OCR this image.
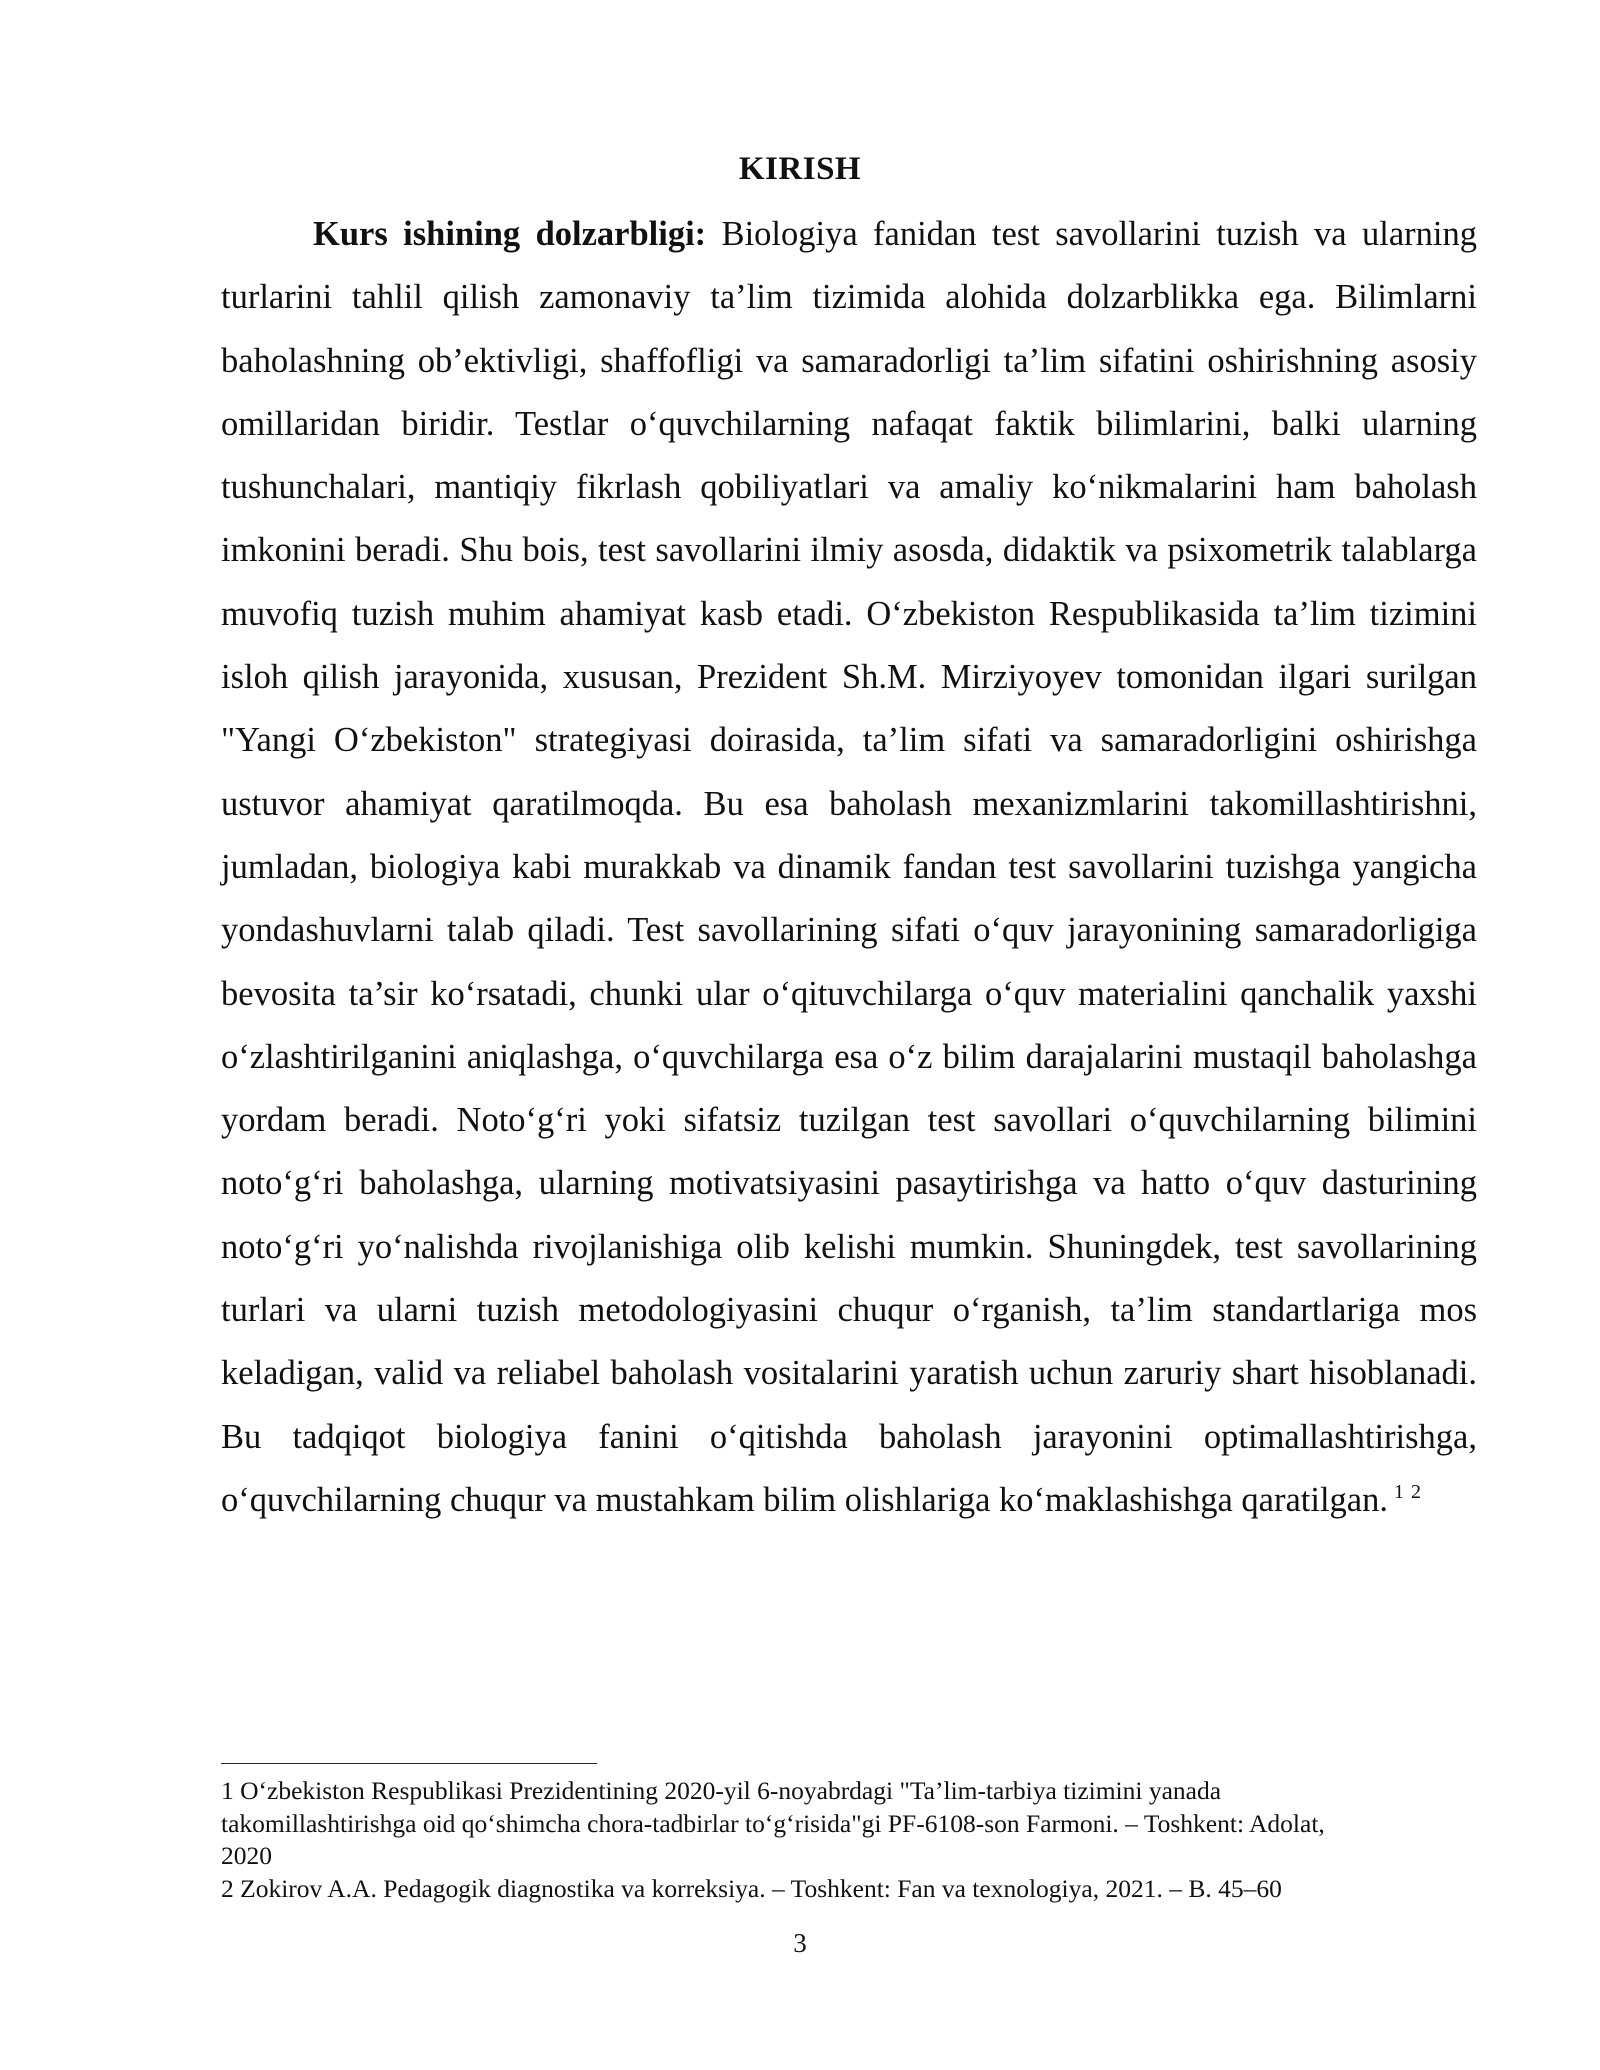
KIRISH

Kurs ishining dolzarbligi: Biologiya fanidan test savollarini tuzish va ularning turlarini tahlil qilish zamonaviy ta’lim tizimida alohida dolzarblikka ega. Bilimlarni baholashning ob’ektivligi, shaffofligi va samaradorligi ta’lim sifatini oshirishning asosiy omillaridan biridir. Testlar o‘quvchilarning nafaqat faktik bilimlarini, balki ularning tushunchalari, mantiqiy fikrlash qobiliyatlari va amaliy ko‘nikmalarini ham baholash imkonini beradi. Shu bois, test savollarini ilmiy asosda, didaktik va psixometrik talablarga muvofiq tuzish muhim ahamiyat kasb etadi. O‘zbekiston Respublikasida ta’lim tizimini isloh qilish jarayonida, xususan, Prezident Sh.M. Mirziyoyev tomonidan ilgari surilgan "Yangi O‘zbekiston" strategiyasi doirasida, ta’lim sifati va samaradorligini oshirishga ustuvor ahamiyat qaratilmoqda. Bu esa baholash mexanizmlarini takomillashtirishni, jumladan, biologiya kabi murakkab va dinamik fandan test savollarini tuzishga yangicha yondashuvlarni talab qiladi. Test savollarining sifati o‘quv jarayonining samaradorligiga bevosita ta’sir ko‘rsatadi, chunki ular o‘qituvchilarga o‘quv materialini qanchalik yaxshi o‘zlashtirilganini aniqlashga, o‘quvchilarga esa o‘z bilim darajalarini mustaqil baholashga yordam beradi. Noto‘g‘ri yoki sifatsiz tuzilgan test savollari o‘quvchilarning bilimini noto‘g‘ri baholashga, ularning motivatsiyasini pasaytirishga va hatto o‘quv dasturining noto‘g‘ri yo‘nalishda rivojlanishiga olib kelishi mumkin. Shuningdek, test savollarining turlari va ularni tuzish metodologiyasini chuqur o‘rganish, ta’lim standartlariga mos keladigan, valid va reliabel baholash vositalarini yaratish uchun zaruriy shart hisoblanadi. Bu tadqiqot biologiya fanini o‘qitishda baholash jarayonini optimallashtirishga, o‘quvchilarning chuqur va mustahkam bilim olishlariga ko‘maklashishga qaratilgan. $^{1 2}$

1 O‘zbekiston Respublikasi Prezidentining 2020-yil 6-noyabrdagi "Ta’lim-tarbiya tizimini yanada takomillashtirishga oid qo‘shimcha chora-tadbirlar to‘g‘risida"gi PF-6108-son Farmoni. – Toshkent: Adolat, 2020

2 Zokirov A.A. Pedagogik diagnostika va korreksiya. – Toshkent: Fan va texnologiya, 2021. – B. 45–60

3
